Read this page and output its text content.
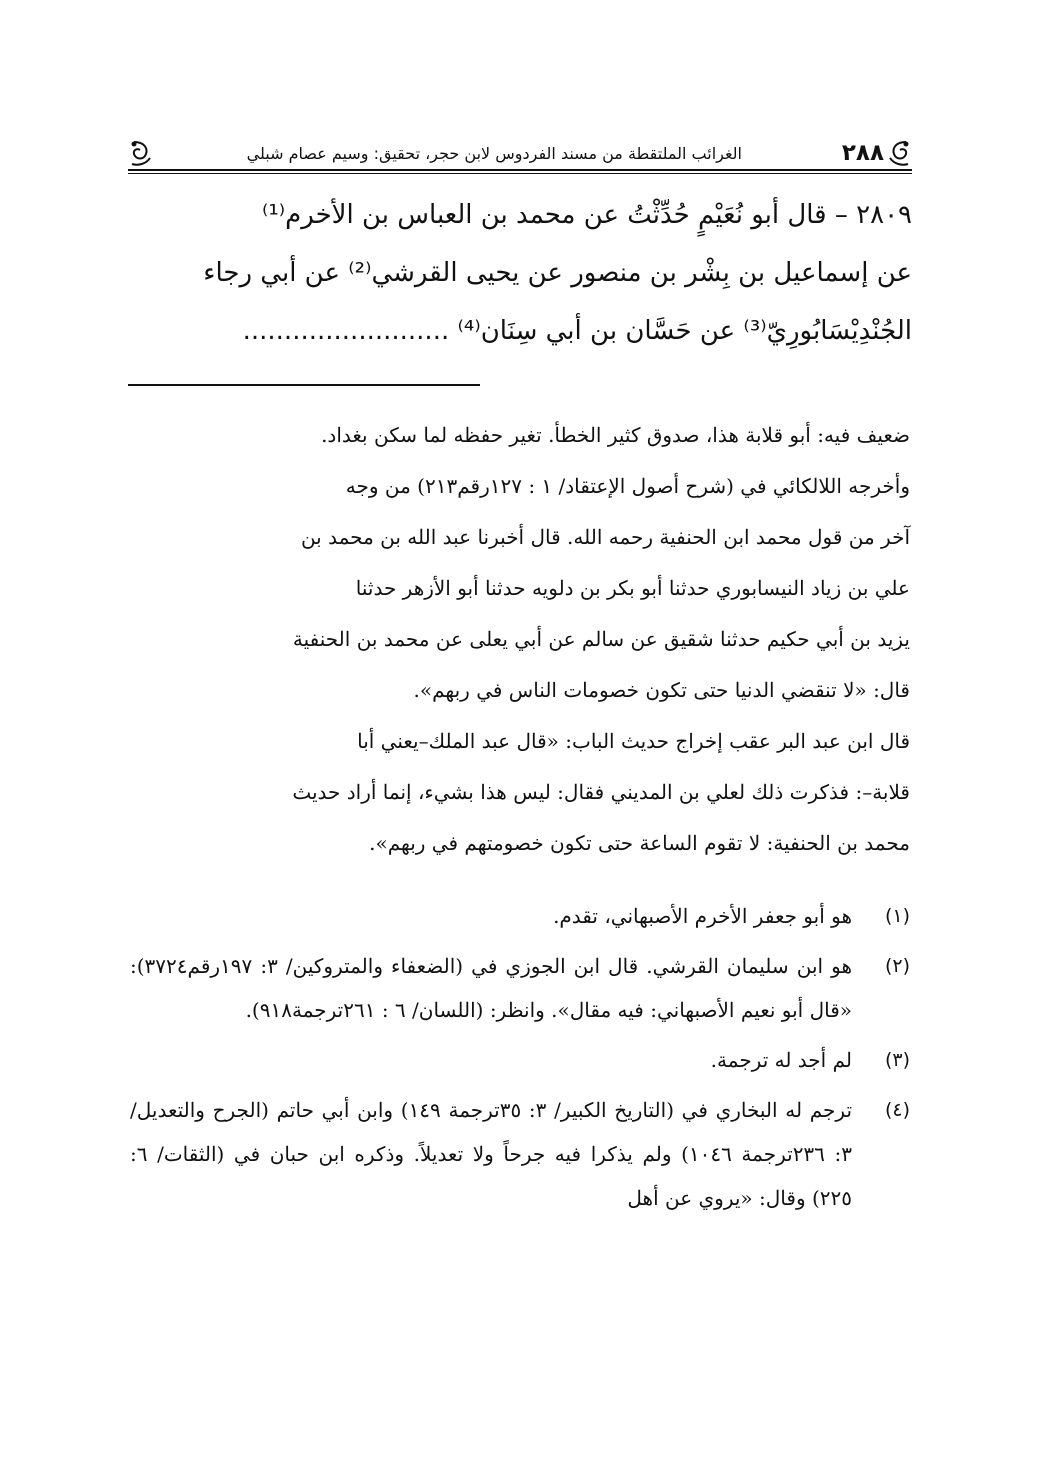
٢٨٨
الغرائب الملتقطة من مسند الفردوس لابن حجر، تحقيق: وسيم عصام شبلي

٢٨٠٩ – قال أبو نُعَيْمٍ حُدِّثْتُ عن محمد بن العباس بن الأخرم⁽¹⁾

عن إسماعيل بن بِشْر بن منصور عن يحيى القرشي⁽²⁾ عن أبي رجاء

الجُنْدِيْسَابُورِيّ⁽³⁾ عن حَسَّان بن أبي سِنَان⁽⁴⁾ .........................

ضعيف فيه: أبو قلابة هذا، صدوق كثير الخطأ. تغير حفظه لما سكن بغداد.

وأخرجه اللالكائي في (شرح أصول الإعتقاد/ ١ : ١٢٧رقم٢١٣) من وجه

آخر من قول محمد ابن الحنفية رحمه الله. قال أخبرنا عبد الله بن محمد بن

علي بن زياد النيسابوري حدثنا أبو بكر بن دلويه حدثنا أبو الأزهر حدثنا

يزيد بن أبي حكيم حدثنا شقيق عن سالم عن أبي يعلى عن محمد بن الحنفية

قال: «لا تنقضي الدنيا حتى تكون خصومات الناس في ربهم».

قال ابن عبد البر عقب إخراج حديث الباب: «قال عبد الملك–يعني أبا

قلابة–: فذكرت ذلك لعلي بن المديني فقال: ليس هذا بشيء، إنما أراد حديث

محمد بن الحنفية: لا تقوم الساعة حتى تكون خصومتهم في ربهم».

(١)
هو أبو جعفر الأخرم الأصبهاني، تقدم.
(٢)
هو ابن سليمان القرشي. قال ابن الجوزي في (الضعفاء والمتروكين/ ٣: ١٩٧رقم٣٧٢٤): «قال أبو نعيم الأصبهاني: فيه مقال». وانظر: (اللسان/ ٦ : ٢٦١ترجمة٩١٨).
(٣)
لم أجد له ترجمة.
(٤)
ترجم له البخاري في (التاريخ الكبير/ ٣: ٣٥ترجمة ١٤٩) وابن أبي حاتم (الجرح والتعديل/ ٣: ٢٣٦ترجمة ١٠٤٦) ولم يذكرا فيه جرحاً ولا تعديلاً. وذكره ابن حبان في (الثقات/ ٦: ٢٢٥) وقال: «يروي عن أهل
